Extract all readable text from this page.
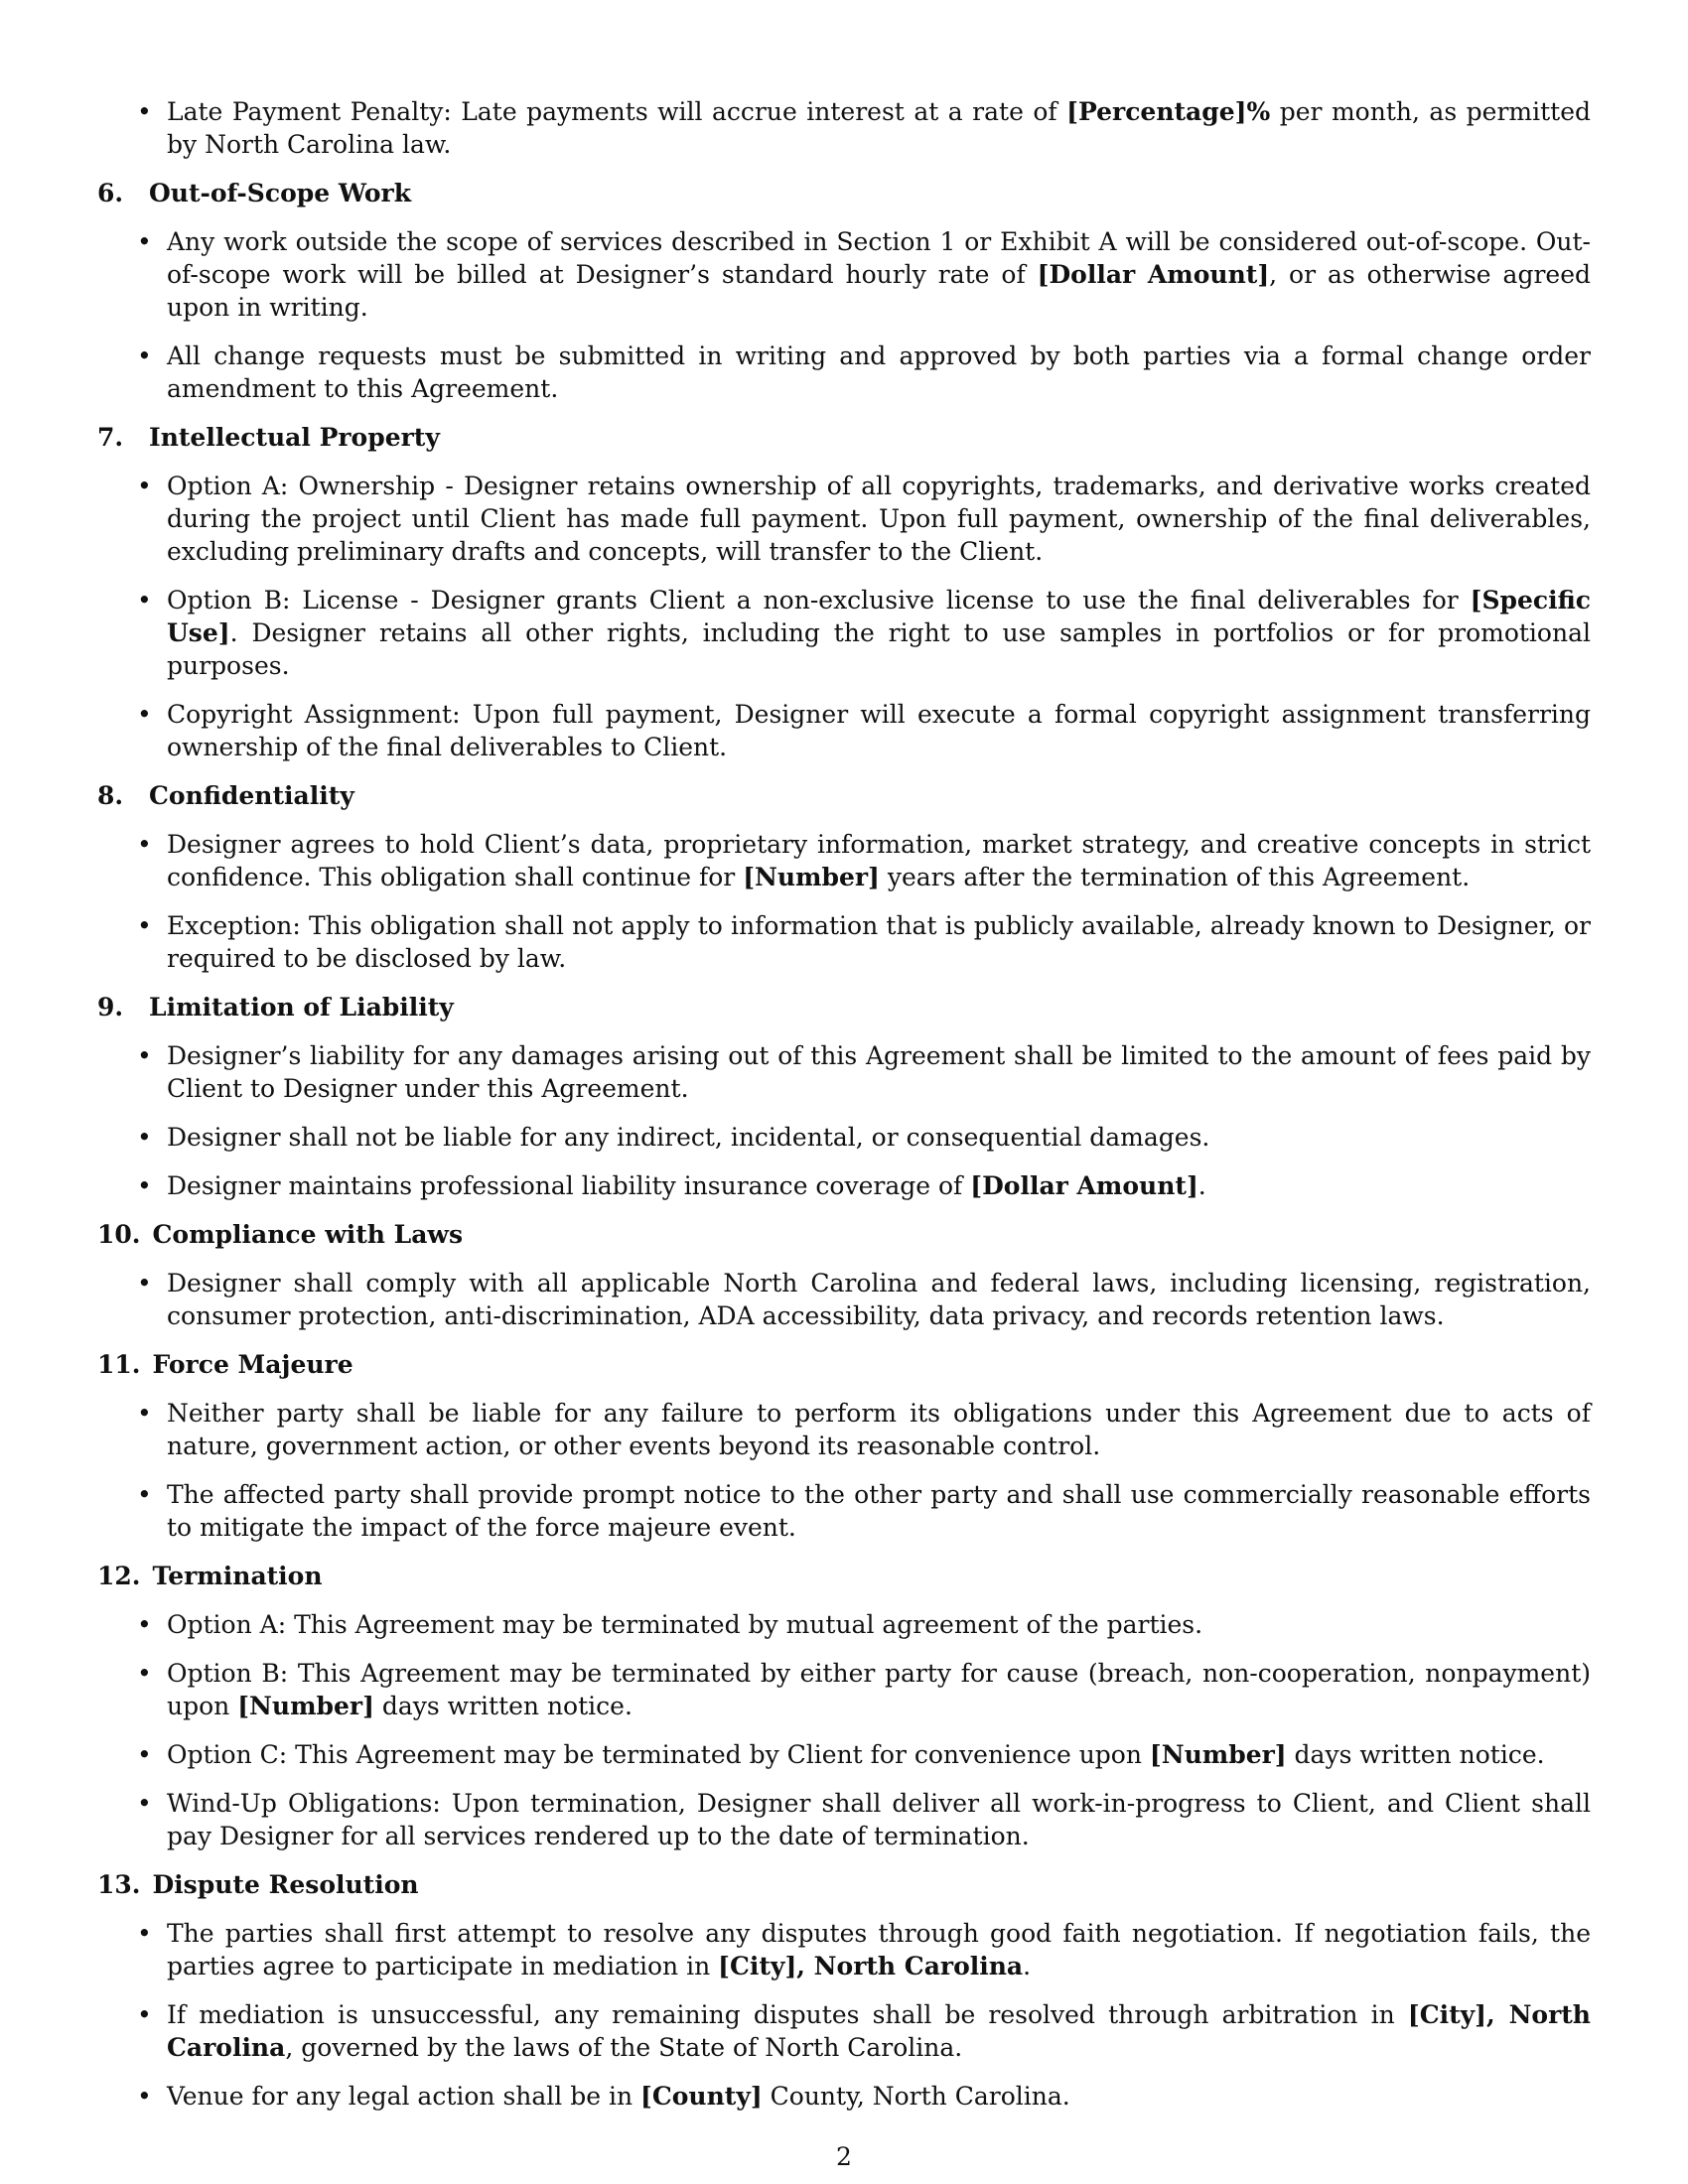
• Late Payment Penalty: Late payments will accrue interest at a rate of [Percentage]% per month, as permitted by North Carolina law.
6.	Out-of-Scope Work
• Any work outside the scope of services described in Section 1 or Exhibit A will be considered out-of-scope. Out-of-scope work will be billed at Designer’s standard hourly rate of [Dollar Amount], or as otherwise agreed upon in writing.
• All change requests must be submitted in writing and approved by both parties via a formal change order amendment to this Agreement.
7.	Intellectual Property
• Option A: Ownership - Designer retains ownership of all copyrights, trademarks, and derivative works created during the project until Client has made full payment. Upon full payment, ownership of the final deliverables, excluding preliminary drafts and concepts, will transfer to the Client.
• Option B: License - Designer grants Client a non-exclusive license to use the final deliverables for [Specific Use]. Designer retains all other rights, including the right to use samples in portfolios or for promotional purposes.
• Copyright Assignment: Upon full payment, Designer will execute a formal copyright assignment transferring ownership of the final deliverables to Client.
8.	Confidentiality
• Designer agrees to hold Client’s data, proprietary information, market strategy, and creative concepts in strict confidence. This obligation shall continue for [Number] years after the termination of this Agreement.
• Exception: This obligation shall not apply to information that is publicly available, already known to Designer, or required to be disclosed by law.
9.	Limitation of Liability
• Designer’s liability for any damages arising out of this Agreement shall be limited to the amount of fees paid by Client to Designer under this Agreement.
• Designer shall not be liable for any indirect, incidental, or consequential damages.
• Designer maintains professional liability insurance coverage of [Dollar Amount].
10. Compliance with Laws
• Designer shall comply with all applicable North Carolina and federal laws, including licensing, registration, consumer protection, anti-discrimination, ADA accessibility, data privacy, and records retention laws.
11. Force Majeure
• Neither party shall be liable for any failure to perform its obligations under this Agreement due to acts of nature, government action, or other events beyond its reasonable control.
• The affected party shall provide prompt notice to the other party and shall use commercially reasonable efforts to mitigate the impact of the force majeure event.
12. Termination
• Option A: This Agreement may be terminated by mutual agreement of the parties.
• Option B: This Agreement may be terminated by either party for cause (breach, non-cooperation, nonpayment) upon [Number] days written notice.
• Option C: This Agreement may be terminated by Client for convenience upon [Number] days written notice.
• Wind-Up Obligations: Upon termination, Designer shall deliver all work-in-progress to Client, and Client shall pay Designer for all services rendered up to the date of termination.
13. Dispute Resolution
• The parties shall first attempt to resolve any disputes through good faith negotiation. If negotiation fails, the parties agree to participate in mediation in [City], North Carolina.
• If mediation is unsuccessful, any remaining disputes shall be resolved through arbitration in [City], North Carolina, governed by the laws of the State of North Carolina.
• Venue for any legal action shall be in [County] County, North Carolina.
2
